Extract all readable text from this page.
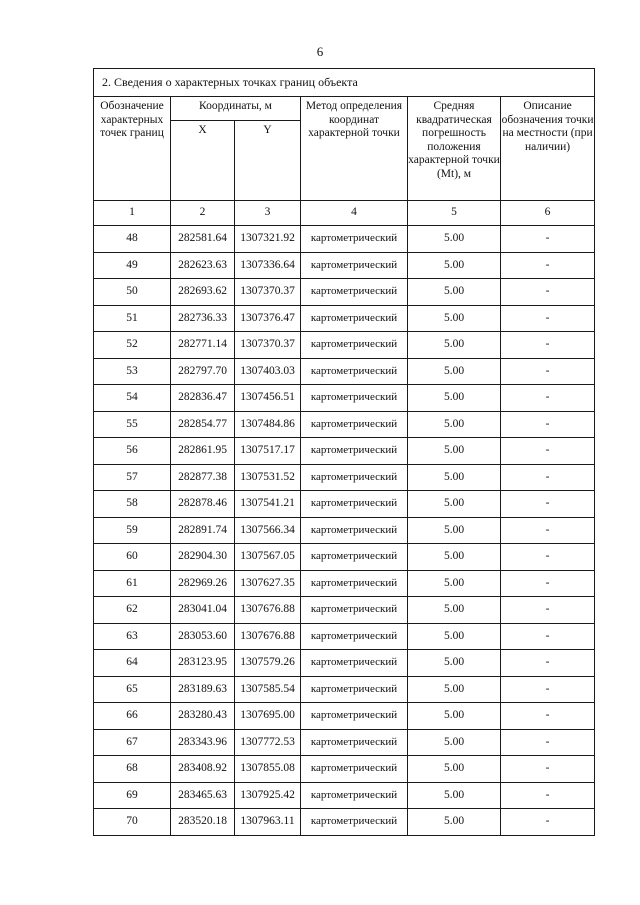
6
2. Сведения о характерных точках границ объекта					
Обозначение характерных точек границ	Координаты, м		Метод определения координат характерной точки	Средняя квадратическая погрешность положения характерной точки (Mt), м	Описание обозначения точки на местности (при наличии)
	X	Y			
1	2	3	4	5	6
48	282581.64	1307321.92	картометрический	5.00	-
49	282623.63	1307336.64	картометрический	5.00	-
50	282693.62	1307370.37	картометрический	5.00	-
51	282736.33	1307376.47	картометрический	5.00	-
52	282771.14	1307370.37	картометрический	5.00	-
53	282797.70	1307403.03	картометрический	5.00	-
54	282836.47	1307456.51	картометрический	5.00	-
55	282854.77	1307484.86	картометрический	5.00	-
56	282861.95	1307517.17	картометрический	5.00	-
57	282877.38	1307531.52	картометрический	5.00	-
58	282878.46	1307541.21	картометрический	5.00	-
59	282891.74	1307566.34	картометрический	5.00	-
60	282904.30	1307567.05	картометрический	5.00	-
61	282969.26	1307627.35	картометрический	5.00	-
62	283041.04	1307676.88	картометрический	5.00	-
63	283053.60	1307676.88	картометрический	5.00	-
64	283123.95	1307579.26	картометрический	5.00	-
65	283189.63	1307585.54	картометрический	5.00	-
66	283280.43	1307695.00	картометрический	5.00	-
67	283343.96	1307772.53	картометрический	5.00	-
68	283408.92	1307855.08	картометрический	5.00	-
69	283465.63	1307925.42	картометрический	5.00	-
70	283520.18	1307963.11	картометрический	5.00	-
